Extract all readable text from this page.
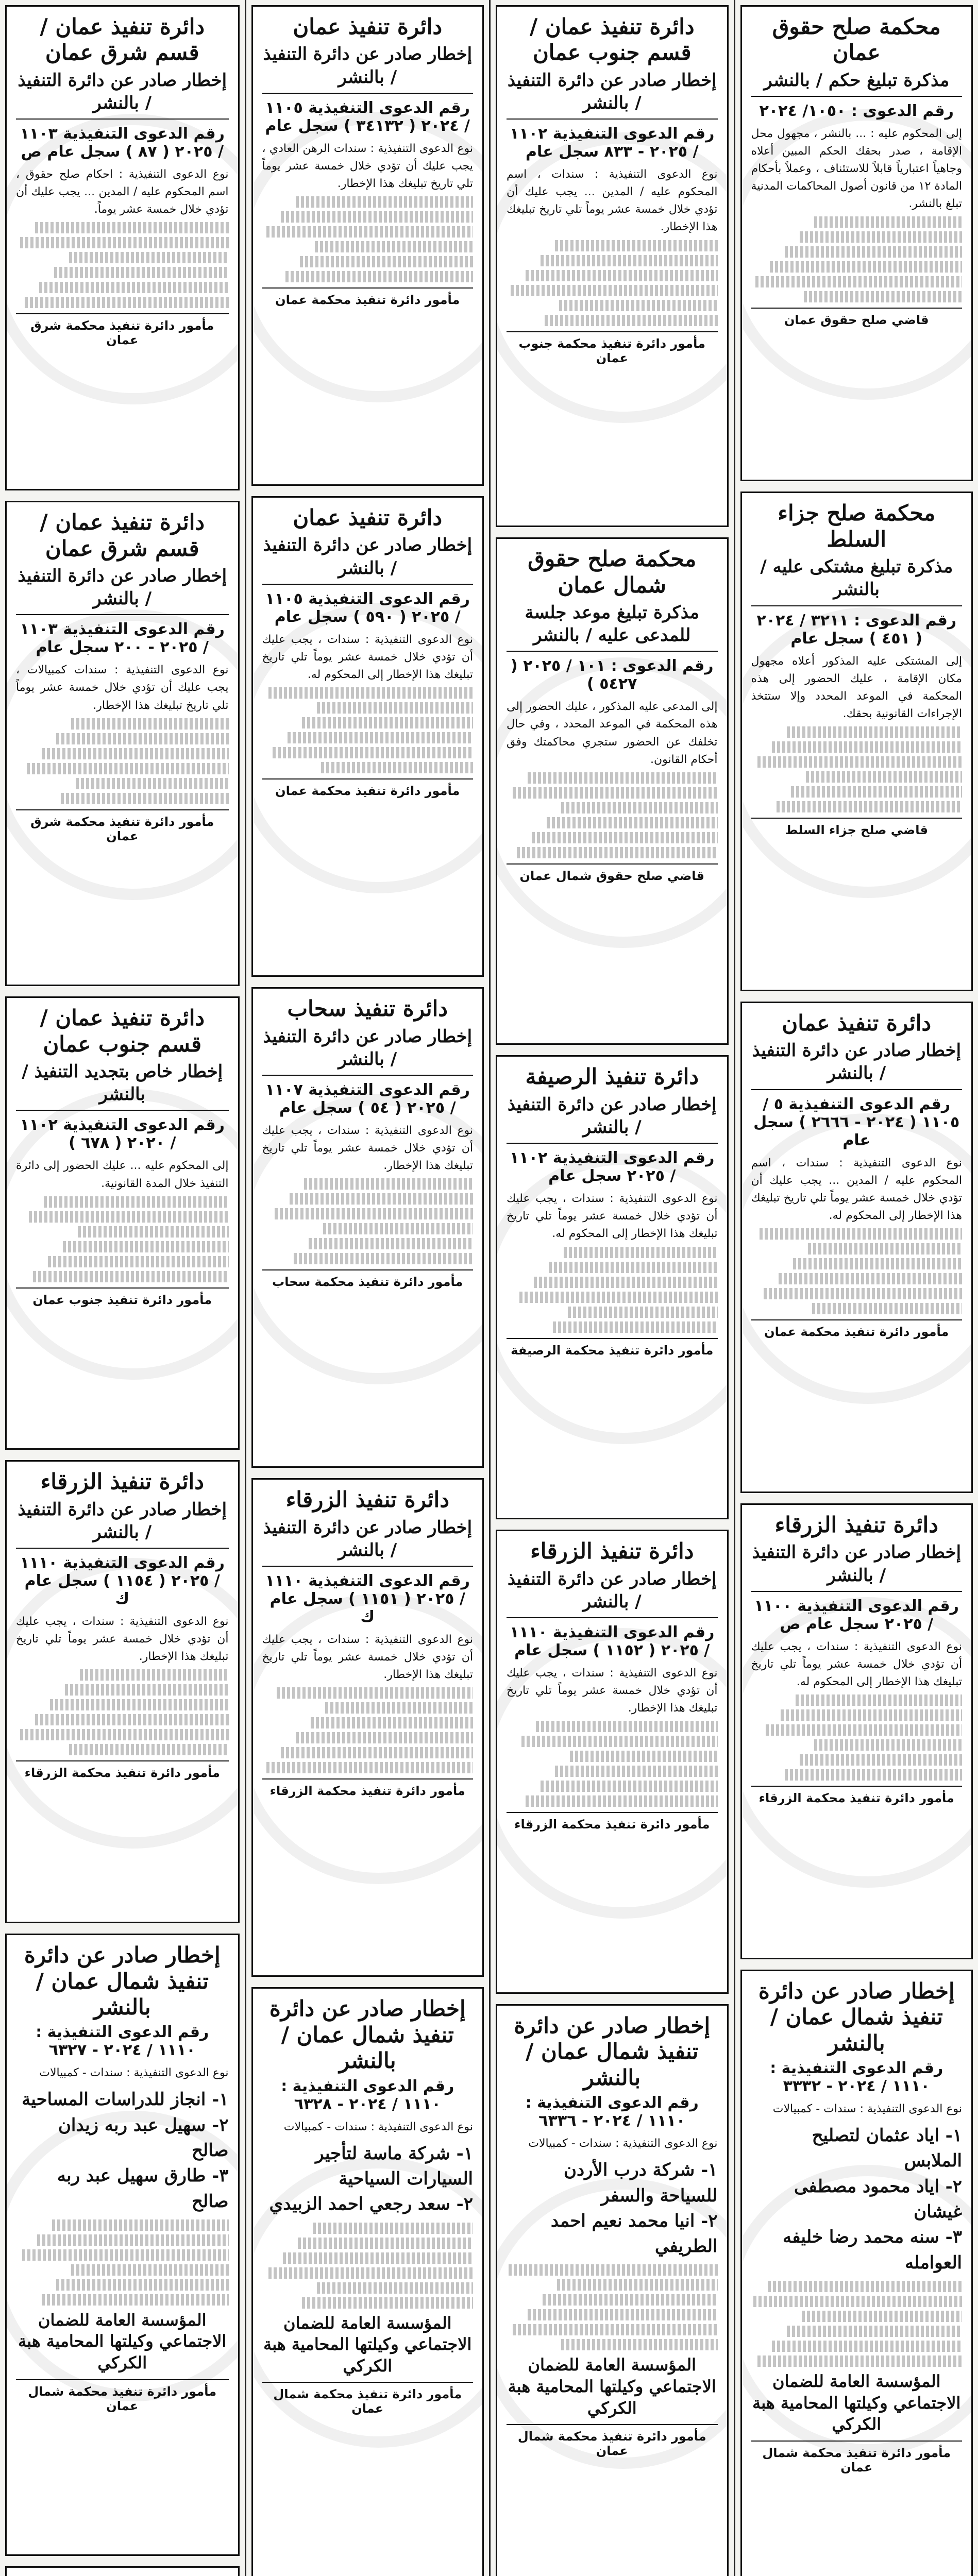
محكمة صلح حقوق عمان
مذكرة تبليغ حكم / بالنشر
رقم الدعوى : ١٠٥٠/ ٢٠٢٤
إلى المحكوم عليه : ... بالنشر ، مجهول محل الإقامة ، صدر بحقك الحكم المبين أعلاه وجاهياً اعتبارياً قابلاً للاستئناف ، وعملاً بأحكام المادة ١٢ من قانون أصول المحاكمات المدنية تبلغ بالنشر.
قاضي صلح حقوق عمان
محكمة صلح جزاء السلط
مذكرة تبليغ مشتكى عليه / بالنشر
رقم الدعوى : ٣٢١١ / ٢٠٢٤ ( ٤٥١ ) سجل عام
إلى المشتكى عليه المذكور أعلاه مجهول مكان الإقامة ، عليك الحضور إلى هذه المحكمة في الموعد المحدد وإلا ستتخذ الإجراءات القانونية بحقك.
قاضي صلح جزاء السلط
دائرة تنفيذ عمان
إخطار صادر عن دائرة التنفيذ / بالنشر
رقم الدعوى التنفيذية ٥ / ١١٠٥ ( ٢٠٢٤ - ٢٦٦٦ ) سجل عام
نوع الدعوى التنفيذية : سندات ، اسم المحكوم عليه / المدين ... يجب عليك أن تؤدي خلال خمسة عشر يوماً تلي تاريخ تبليغك هذا الإخطار إلى المحكوم له.
مأمور دائرة تنفيذ محكمة عمان
دائرة تنفيذ الزرقاء
إخطار صادر عن دائرة التنفيذ / بالنشر
رقم الدعوى التنفيذية ١١٠٠ / ٢٠٢٥ سجل عام ص
نوع الدعوى التنفيذية : سندات ، يجب عليك أن تؤدي خلال خمسة عشر يوماً تلي تاريخ تبليغك هذا الإخطار إلى المحكوم له.
مأمور دائرة تنفيذ محكمة الزرقاء
إخطار صادر عن دائرة تنفيذ شمال عمان / بالنشر
رقم الدعوى التنفيذية : ١١١٠ / ٢٠٢٤ - ٣٣٣٢
نوع الدعوى التنفيذية : سندات - كمبيالات
١- اياد عثمان لتصليح الملابس
٢- اياد محمود مصطفى غيشان
٣- سنه محمد رضا خليفه العوامله
المؤسسة العامة للضمان الاجتماعي وكيلتها المحامية هبة الكركي
مأمور دائرة تنفيذ محكمة شمال عمان
دائرة تنفيذ عمان / قسم جنوب عمان
إخطار صادر عن دائرة التنفيذ / بالنشر
رقم الدعوى التنفيذية ١١٠٢ / ٢٠٢٥ - ٨٣٣ سجل عام
نوع الدعوى التنفيذية : سندات ، اسم المحكوم عليه / المدين ... يجب عليك أن تؤدي خلال خمسة عشر يوماً تلي تاريخ تبليغك هذا الإخطار.
مأمور دائرة تنفيذ محكمة جنوب عمان
محكمة صلح حقوق شمال عمان
مذكرة تبليغ موعد جلسة للمدعى عليه / بالنشر
رقم الدعوى : ١٠١ / ٢٠٢٥ ( ٥٤٢٧ )
إلى المدعى عليه المذكور ، عليك الحضور إلى هذه المحكمة في الموعد المحدد ، وفي حال تخلفك عن الحضور ستجري محاكمتك وفق أحكام القانون.
قاضي صلح حقوق شمال عمان
دائرة تنفيذ الرصيفة
إخطار صادر عن دائرة التنفيذ / بالنشر
رقم الدعوى التنفيذية ١١٠٢ / ٢٠٢٥ سجل عام
نوع الدعوى التنفيذية : سندات ، يجب عليك أن تؤدي خلال خمسة عشر يوماً تلي تاريخ تبليغك هذا الإخطار إلى المحكوم له.
مأمور دائرة تنفيذ محكمة الرصيفة
دائرة تنفيذ الزرقاء
إخطار صادر عن دائرة التنفيذ / بالنشر
رقم الدعوى التنفيذية ١١١٠ / ٢٠٢٥ ( ١١٥٢ ) سجل عام
نوع الدعوى التنفيذية : سندات ، يجب عليك أن تؤدي خلال خمسة عشر يوماً تلي تاريخ تبليغك هذا الإخطار.
مأمور دائرة تنفيذ محكمة الزرقاء
إخطار صادر عن دائرة تنفيذ شمال عمان / بالنشر
رقم الدعوى التنفيذية : ١١١٠ / ٢٠٢٤ - ٦٣٣٦
نوع الدعوى التنفيذية : سندات - كمبيالات
١- شركة درب الأردن للسياحة والسفر
٢- انيا محمد نعيم احمد الطريفي
المؤسسة العامة للضمان الاجتماعي وكيلتها المحامية هبة الكركي
مأمور دائرة تنفيذ محكمة شمال عمان
دائرة تنفيذ عمان
إخطار صادر عن دائرة التنفيذ / بالنشر
رقم الدعوى التنفيذية ١١٠٥ / ٢٠٢٤ ( ٣٤١٣٢ ) سجل عام
نوع الدعوى التنفيذية : سندات الرهن العادي ، يجب عليك أن تؤدي خلال خمسة عشر يوماً تلي تاريخ تبليغك هذا الإخطار.
مأمور دائرة تنفيذ محكمة عمان
دائرة تنفيذ عمان
إخطار صادر عن دائرة التنفيذ / بالنشر
رقم الدعوى التنفيذية ١١٠٥ / ٢٠٢٥ ( ٥٩٠ ) سجل عام
نوع الدعوى التنفيذية : سندات ، يجب عليك أن تؤدي خلال خمسة عشر يوماً تلي تاريخ تبليغك هذا الإخطار إلى المحكوم له.
مأمور دائرة تنفيذ محكمة عمان
دائرة تنفيذ سحاب
إخطار صادر عن دائرة التنفيذ / بالنشر
رقم الدعوى التنفيذية ١١٠٧ / ٢٠٢٥ ( ٥٤ ) سجل عام
نوع الدعوى التنفيذية : سندات ، يجب عليك أن تؤدي خلال خمسة عشر يوماً تلي تاريخ تبليغك هذا الإخطار.
مأمور دائرة تنفيذ محكمة سحاب
دائرة تنفيذ الزرقاء
إخطار صادر عن دائرة التنفيذ / بالنشر
رقم الدعوى التنفيذية ١١١٠ / ٢٠٢٥ ( ١١٥١ ) سجل عام ك
نوع الدعوى التنفيذية : سندات ، يجب عليك أن تؤدي خلال خمسة عشر يوماً تلي تاريخ تبليغك هذا الإخطار.
مأمور دائرة تنفيذ محكمة الزرقاء
إخطار صادر عن دائرة تنفيذ شمال عمان / بالنشر
رقم الدعوى التنفيذية : ١١١٠ / ٢٠٢٤ - ٦٣٢٨
نوع الدعوى التنفيذية : سندات - كمبيالات
١- شركة ماسة لتأجير السيارات السياحية
٢- سعد رجعي احمد الزبيدي
المؤسسة العامة للضمان الاجتماعي وكيلتها المحامية هبة الكركي
مأمور دائرة تنفيذ محكمة شمال عمان
دائرة تنفيذ عمان / قسم شرق عمان
إخطار صادر عن دائرة التنفيذ / بالنشر
رقم الدعوى التنفيذية ١١٠٣ / ٢٠٢٥ ( ٨٧ ) سجل عام ص
نوع الدعوى التنفيذية : احكام صلح حقوق ، اسم المحكوم عليه / المدين ... يجب عليك أن تؤدي خلال خمسة عشر يوماً.
مأمور دائرة تنفيذ محكمة شرق عمان
دائرة تنفيذ عمان / قسم شرق عمان
إخطار صادر عن دائرة التنفيذ / بالنشر
رقم الدعوى التنفيذية ١١٠٣ / ٢٠٢٥ - ٢٠٠ سجل عام
نوع الدعوى التنفيذية : سندات كمبيالات ، يجب عليك أن تؤدي خلال خمسة عشر يوماً تلي تاريخ تبليغك هذا الإخطار.
مأمور دائرة تنفيذ محكمة شرق عمان
دائرة تنفيذ عمان / قسم جنوب عمان
إخطار خاص بتجديد التنفيذ / بالنشر
رقم الدعوى التنفيذية ١١٠٢ / ٢٠٢٠ ( ٦٧٨ )
إلى المحكوم عليه ... عليك الحضور إلى دائرة التنفيذ خلال المدة القانونية.
مأمور دائرة تنفيذ جنوب عمان
دائرة تنفيذ الزرقاء
إخطار صادر عن دائرة التنفيذ / بالنشر
رقم الدعوى التنفيذية ١١١٠ / ٢٠٢٥ ( ١١٥٤ ) سجل عام ك
نوع الدعوى التنفيذية : سندات ، يجب عليك أن تؤدي خلال خمسة عشر يوماً تلي تاريخ تبليغك هذا الإخطار.
مأمور دائرة تنفيذ محكمة الزرقاء
إخطار صادر عن دائرة تنفيذ شمال عمان / بالنشر
رقم الدعوى التنفيذية : ١١١٠ / ٢٠٢٤ - ٦٣٢٧
نوع الدعوى التنفيذية : سندات - كمبيالات
١- انجاز للدراسات المساحية
٢- سهيل عبد ربه زيدان صالح
٣- طارق سهيل عبد ربه صالح
المؤسسة العامة للضمان الاجتماعي وكيلتها المحامية هبة الكركي
مأمور دائرة تنفيذ محكمة شمال عمان
